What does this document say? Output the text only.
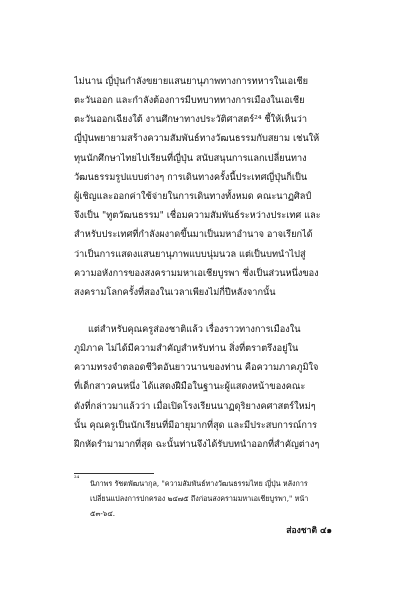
ไม่นาน ญี่ปุ่นกำลังขยายแสนยานุภาพทางการทหารในเอเชีย
ตะวันออก และกำลังต้องการมีบทบาททางการเมืองในเอเชีย
ตะวันออกเฉียงใต้ งานศึกษาทางประวัติศาสตร์²⁴ ชี้ให้เห็นว่า
ญี่ปุ่นพยายามสร้างความสัมพันธ์ทางวัฒนธรรมกับสยาม เช่นให้
ทุนนักศึกษาไทยไปเรียนที่ญี่ปุ่น สนับสนุนการแลกเปลี่ยนทาง
วัฒนธรรมรูปแบบต่างๆ การเดินทางครั้งนี้ประเทศญี่ปุ่นก็เป็น
ผู้เชิญและออกค่าใช้จ่ายในการเดินทางทั้งหมด คณะนาฏศิลป์
จึงเป็น "ทูตวัฒนธรรม" เชื่อมความสัมพันธ์ระหว่างประเทศ และ
สำหรับประเทศที่กำลังผงาดขึ้นมาเป็นมหาอำนาจ อาจเรียกได้
ว่าเป็นการแสดงแสนยานุภาพแบบนุ่มนวล แต่เป็นบทนำไปสู่
ความอหังการของสงครามมหาเอเชียบูรพา ซึ่งเป็นส่วนหนึ่งของ
สงครามโลกครั้งที่สองในเวลาเพียงไม่กี่ปีหลังจากนั้น
แต่สำหรับคุณครูส่องชาติแล้ว เรื่องราวทางการเมืองใน
ภูมิภาค ไม่ได้มีความสำคัญสำหรับท่าน สิ่งที่ตราตรึงอยู่ใน
ความทรงจำตลอดชีวิตอันยาวนานของท่าน คือความภาคภูมิใจ
ที่เด็กสาวคนหนึ่ง ได้แสดงฝีมือในฐานะผู้แสดงหน้าของคณะ
ดังที่กล่าวมาแล้วว่า เมื่อเปิดโรงเรียนนาฏดุริยางคศาสตร์ใหม่ๆ
นั้น คุณครูเป็นนักเรียนที่มีอายุมากที่สุด และมีประสบการณ์การ
ฝึกหัดรำมามากที่สุด ฉะนั้นท่านจึงได้รับบทนำออกที่สำคัญต่างๆ
²⁴
นิภาพร รัชตพัฒนากุล, "ความสัมพันธ์ทางวัฒนธรรมไทย ญี่ปุ่น หลังการ
เปลี่ยนแปลงการปกครอง ๒๔๗๕ ถึงก่อนสงครามมหาเอเชียบูรพา," หน้า
๕๓-๖๔.
ส่องชาติ ๔๑
